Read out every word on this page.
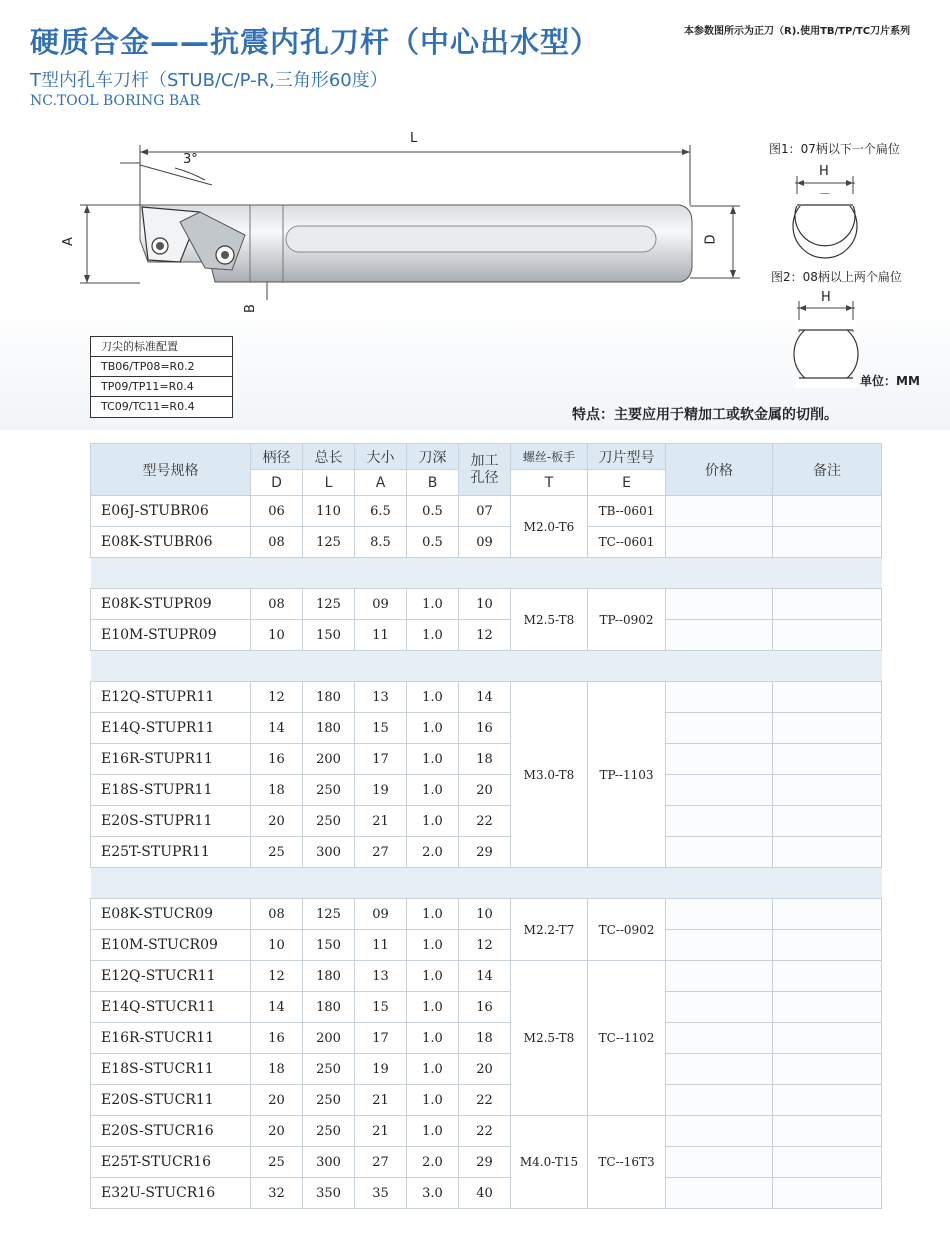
硬质合金——抗震内孔刀杆（中心出水型）	本参数图所示为正刀（R).使用TB/TP/TC刀片系列
T型内孔车刀杆（STUB/C/P-R,三角形60度）
NC.TOOL BORING BAR
L
3°
A
B
D
图1：07柄以下一个扁位
H
图2：08柄以上两个扁位
H
刀尖的标准配置
TB06/TP08=R0.2
TP09/TP11=R0.4
TC09/TC11=R0.4
单位：MM
特点：主要应用于精加工或软金属的切削。
型号规格	柄径	总长	大小	刀深	加工孔径	螺丝-板手	刀片型号	价格	备注
	D	L	A	B		T	E		
E06J-STUBR06	06	110	6.5	0.5	07	M2.0-T6	TB--0601		
E08K-STUBR06	08	125	8.5	0.5	09		TC--0601		

E08K-STUPR09	08	125	09	1.0	10	M2.5-T8	TP--0902		
E10M-STUPR09	10	150	11	1.0	12				

E12Q-STUPR11	12	180	13	1.0	14	M3.0-T8	TP--1103		
E14Q-STUPR11	14	180	15	1.0	16				
E16R-STUPR11	16	200	17	1.0	18				
E18S-STUPR11	18	250	19	1.0	20				
E20S-STUPR11	20	250	21	1.0	22				
E25T-STUPR11	25	300	27	2.0	29				

E08K-STUCR09	08	125	09	1.0	10	M2.2-T7	TC--0902		
E10M-STUCR09	10	150	11	1.0	12				
E12Q-STUCR11	12	180	13	1.0	14	M2.5-T8	TC--1102		
E14Q-STUCR11	14	180	15	1.0	16				
E16R-STUCR11	16	200	17	1.0	18				
E18S-STUCR11	18	250	19	1.0	20				
E20S-STUCR11	20	250	21	1.0	22				
E20S-STUCR16	20	250	21	1.0	22	M4.0-T15	TC--16T3		
E25T-STUCR16	25	300	27	2.0	29				
E32U-STUCR16	32	350	35	3.0	40				
